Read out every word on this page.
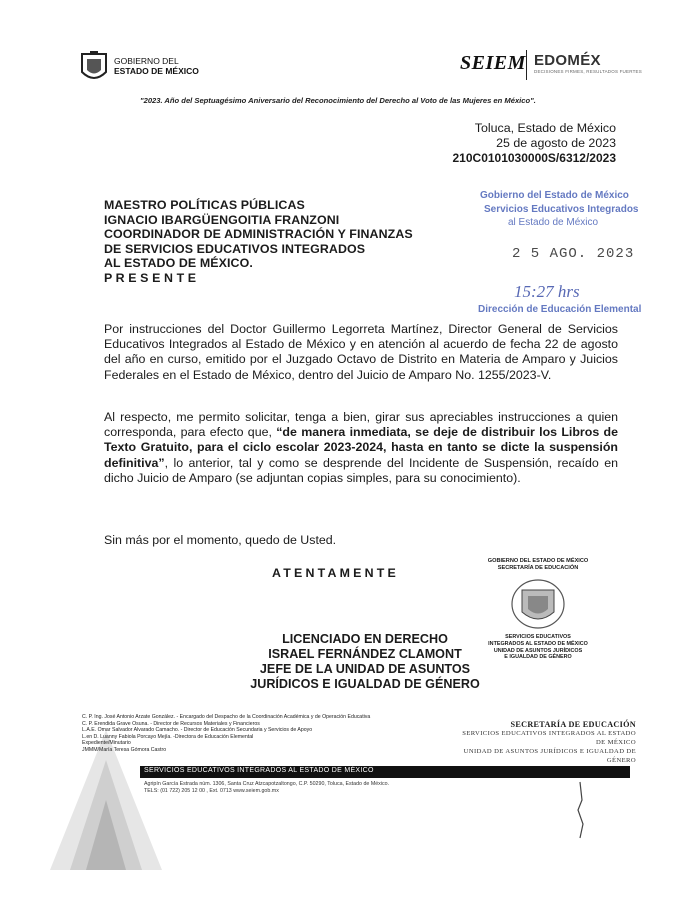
GOBIERNO DEL
ESTADO DE MÉXICO	SEIEM EDOMÉX
DECISIONES FIRMES, RESULTADOS FUERTES
"2023. Año del Septuagésimo Aniversario del Reconocimiento del Derecho al Voto de las Mujeres en México".
Toluca, Estado de México
25 de agosto de 2023
210C0101030000S/6312/2023
MAESTRO POLÍTICAS PÚBLICAS
IGNACIO IBARGÜENGOITIA FRANZONI
COORDINADOR DE ADMINISTRACIÓN Y FINANZAS
DE SERVICIOS EDUCATIVOS INTEGRADOS
AL ESTADO DE MÉXICO.
P R E S E N T E
Gobierno del Estado de México
Servicios Educativos Integrados
al Estado de México
2 5 AGO. 2023
15:27 hrs
Dirección de Educación Elemental
Por instrucciones del Doctor Guillermo Legorreta Martínez, Director General de Servicios Educativos Integrados al Estado de México y en atención al acuerdo de fecha 22 de agosto del año en curso, emitido por el Juzgado Octavo de Distrito en Materia de Amparo y Juicios Federales en el Estado de México, dentro del Juicio de Amparo No. 1255/2023-V.
Al respecto, me permito solicitar, tenga a bien, girar sus apreciables instrucciones a quien corresponda, para efecto que, “de manera inmediata, se deje de distribuir los Libros de Texto Gratuito, para el ciclo escolar 2023-2024, hasta en tanto se dicte la suspensión definitiva”, lo anterior, tal y como se desprende del Incidente de Suspensión, recaído en dicho Juicio de Amparo (se adjuntan copias simples, para su conocimiento).
Sin más por el momento, quedo de Usted.
ATENTAMENTE
LICENCIADO EN DERECHO
ISRAEL FERNÁNDEZ CLAMONT
JEFE DE LA UNIDAD DE ASUNTOS
JURÍDICOS E IGUALDAD DE GÉNERO
GOBIERNO DEL ESTADO DE MÉXICO
SECRETARÍA DE EDUCACIÓN
SERVICIOS EDUCATIVOS
INTEGRADOS AL ESTADO DE MÉXICO
UNIDAD DE ASUNTOS JURÍDICOS
E IGUALDAD DE GÉNERO
C. P. Ing. José Antonio Arzate González. - Encargado del Despacho de la Coordinación Académica y de Operación Educativa
C. P. Erendida Grave Osuna. - Director de Recursos Materiales y Financieros
L.A.E. Omar Salvador Alvarado Camacho. - Director de Educación Secundaria y Servicios de Apoyo
L.en D. Luanny Fabiola Porcayo Mejía. -Directora de Educación Elemental
Expediente/Minutario
JMMM/María Teresa Gómora Castro
SECRETARÍA DE EDUCACIÓN
SERVICIOS EDUCATIVOS INTEGRADOS AL ESTADO DE MÉXICO
UNIDAD DE ASUNTOS JURÍDICOS E IGUALDAD DE GÉNERO
SERVICIOS EDUCATIVOS INTEGRADOS AL ESTADO DE MÉXICO
Agripín García Estrada núm. 1306, Santa Cruz Atzcapotzaltongo, C.P. 50290, Toluca, Estado de México.
TELS: (01 722) 205 12 00 , Ext. 0713 www.seiem.gob.mx
